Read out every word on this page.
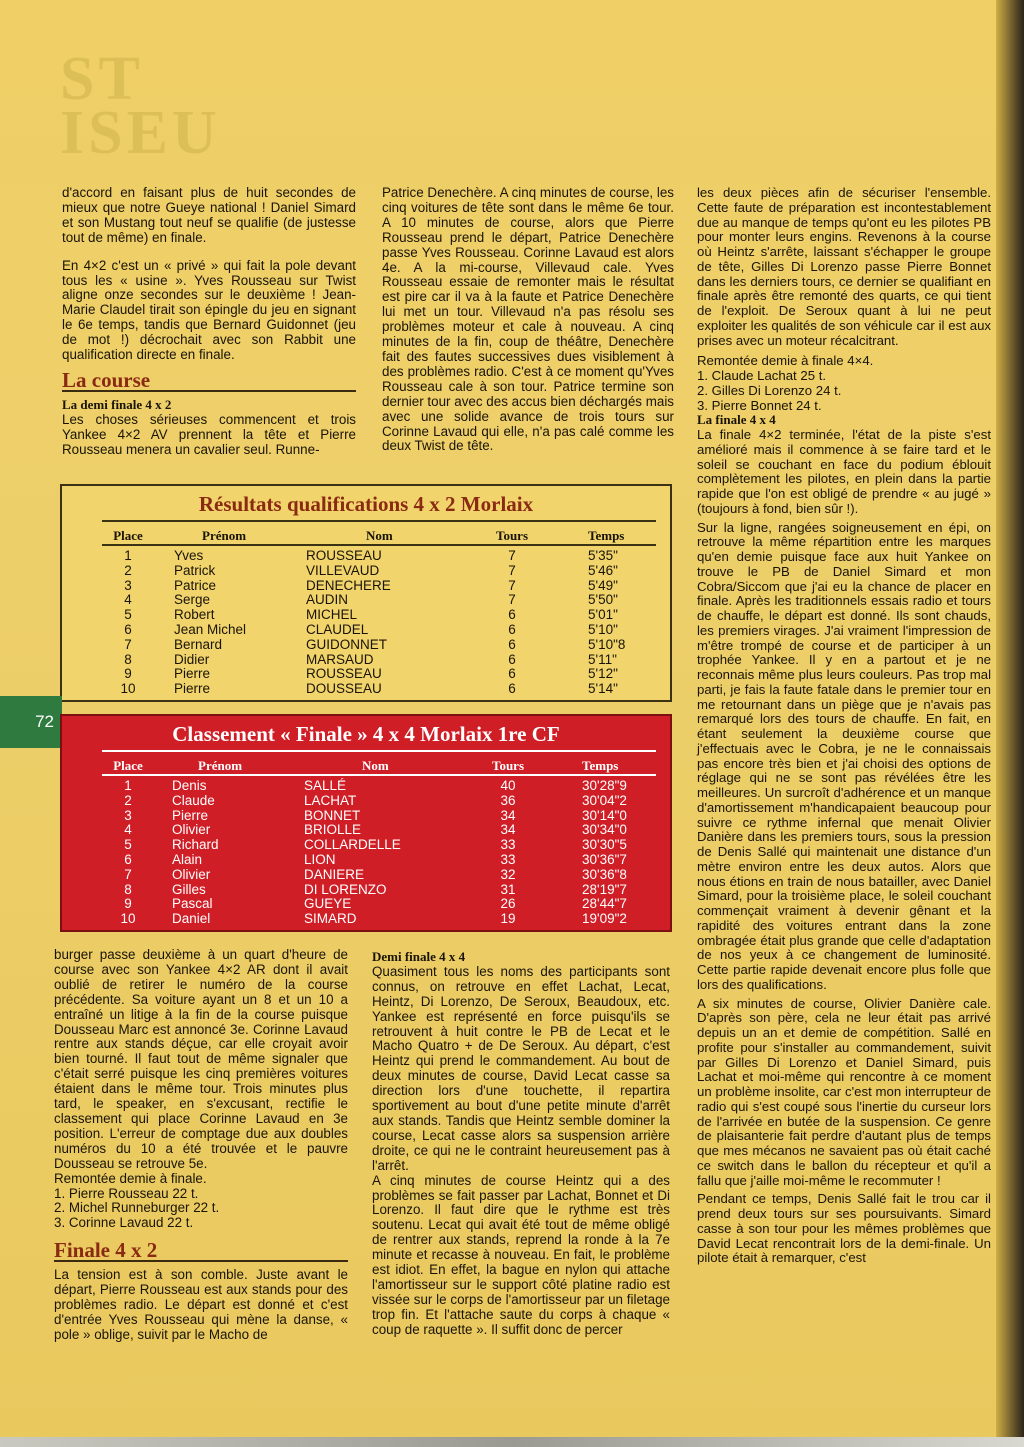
ST
ISEU

d'accord en faisant plus de huit secondes de mieux que notre Gueye national ! Daniel Simard et son Mustang tout neuf se qualifie (de justesse tout de même) en finale.

En 4×2 c'est un « privé » qui fait la pole devant tous les « usine ». Yves Rousseau sur Twist aligne onze secondes sur le deuxième ! Jean-Marie Claudel tirait son épingle du jeu en signant le 6e temps, tandis que Bernard Guidonnet (jeu de mot !) décrochait avec son Rabbit une qualification directe en finale.

La course
La demi finale 4 x 2

Les choses sérieuses commencent et trois Yankee 4×2 AV prennent la tête et Pierre Rousseau menera un cavalier seul. Runne-

Patrice Denechère. A cinq minutes de course, les cinq voitures de tête sont dans le même 6e tour. A 10 minutes de course, alors que Pierre Rousseau prend le départ, Patrice Denechère passe Yves Rousseau. Corinne Lavaud est alors 4e. A la mi-course, Villevaud cale. Yves Rousseau essaie de remonter mais le résultat est pire car il va à la faute et Patrice Denechère lui met un tour. Villevaud n'a pas résolu ses problèmes moteur et cale à nouveau. A cinq minutes de la fin, coup de théâtre, Denechère fait des fautes successives dues visiblement à des problèmes radio. C'est à ce moment qu'Yves Rousseau cale à son tour. Patrice termine son dernier tour avec des accus bien déchargés mais avec une solide avance de trois tours sur Corinne Lavaud qui elle, n'a pas calé comme les deux Twist de tête.

Résultats qualifications 4 x 2 Morlaix
Place	Prénom	Nom	Tours	Temps
1	Yves	ROUSSEAU	7	5'35"
2	Patrick	VILLEVAUD	7	5'46"
3	Patrice	DENECHERE	7	5'49"
4	Serge	AUDIN	7	5'50"
5	Robert	MICHEL	6	5'01"
6	Jean Michel	CLAUDEL	6	5'10"
7	Bernard	GUIDONNET	6	5'10"8
8	Didier	MARSAUD	6	5'11"
9	Pierre	ROUSSEAU	6	5'12"
10	Pierre	DOUSSEAU	6	5'14"
72
Classement « Finale » 4 x 4 Morlaix 1re CF
Place	Prénom	Nom	Tours	Temps
1	Denis	SALLÉ	40	30'28"9
2	Claude	LACHAT	36	30'04"2
3	Pierre	BONNET	34	30'14"0
4	Olivier	BRIOLLE	34	30'34"0
5	Richard	COLLARDELLE	33	30'30"5
6	Alain	LION	33	30'36"7
7	Olivier	DANIERE	32	30'36"8
8	Gilles	DI LORENZO	31	28'19"7
9	Pascal	GUEYE	26	28'44"7
10	Daniel	SIMARD	19	19'09"2

burger passe deuxième à un quart d'heure de course avec son Yankee 4×2 AR dont il avait oublié de retirer le numéro de la course précédente. Sa voiture ayant un 8 et un 10 a entraîné un litige à la fin de la course puisque Dousseau Marc est annoncé 3e. Corinne Lavaud rentre aux stands déçue, car elle croyait avoir bien tourné. Il faut tout de même signaler que c'était serré puisque les cinq premières voitures étaient dans le même tour. Trois minutes plus tard, le speaker, en s'excusant, rectifie le classement qui place Corinne Lavaud en 3e position. L'erreur de comptage due aux doubles numéros du 10 a été trouvée et le pauvre Dousseau se retrouve 5e.

Remontée demie à finale.

1. Pierre Rousseau 22 t.

2. Michel Runneburger 22 t.

3. Corinne Lavaud 22 t.

Finale 4 x 2

La tension est à son comble. Juste avant le départ, Pierre Rousseau est aux stands pour des problèmes radio. Le départ est donné et c'est d'entrée Yves Rousseau qui mène la danse, « pole » oblige, suivit par le Macho de

Demi finale 4 x 4

Quasiment tous les noms des participants sont connus, on retrouve en effet Lachat, Lecat, Heintz, Di Lorenzo, De Seroux, Beaudoux, etc. Yankee est représenté en force puisqu'ils se retrouvent à huit contre le PB de Lecat et le Macho Quatro + de De Seroux. Au départ, c'est Heintz qui prend le commandement. Au bout de deux minutes de course, David Lecat casse sa direction lors d'une touchette, il repartira sportivement au bout d'une petite minute d'arrêt aux stands. Tandis que Heintz semble dominer la course, Lecat casse alors sa suspension arrière droite, ce qui ne le contraint heureusement pas à l'arrêt.

A cinq minutes de course Heintz qui a des problèmes se fait passer par Lachat, Bonnet et Di Lorenzo. Il faut dire que le rythme est très soutenu. Lecat qui avait été tout de même obligé de rentrer aux stands, reprend la ronde à la 7e minute et recasse à nouveau. En fait, le problème est idiot. En effet, la bague en nylon qui attache l'amortisseur sur le support côté platine radio est vissée sur le corps de l'amortisseur par un filetage trop fin. Et l'attache saute du corps à chaque « coup de raquette ». Il suffit donc de percer

les deux pièces afin de sécuriser l'ensemble. Cette faute de préparation est incontestablement due au manque de temps qu'ont eu les pilotes PB pour monter leurs engins. Revenons à la course où Heintz s'arrête, laissant s'échapper le groupe de tête, Gilles Di Lorenzo passe Pierre Bonnet dans les derniers tours, ce dernier se qualifiant en finale après être remonté des quarts, ce qui tient de l'exploit. De Seroux quant à lui ne peut exploiter les qualités de son véhicule car il est aux prises avec un moteur récalcitrant.

Remontée demie à finale 4×4.

1. Claude Lachat 25 t.

2. Gilles Di Lorenzo 24 t.

3. Pierre Bonnet 24 t.

La finale 4 x 4

La finale 4×2 terminée, l'état de la piste s'est amélioré mais il commence à se faire tard et le soleil se couchant en face du podium éblouit complètement les pilotes, en plein dans la partie rapide que l'on est obligé de prendre « au jugé » (toujours à fond, bien sûr !).

Sur la ligne, rangées soigneusement en épi, on retrouve la même répartition entre les marques qu'en demie puisque face aux huit Yankee on trouve le PB de Daniel Simard et mon Cobra/Siccom que j'ai eu la chance de placer en finale. Après les traditionnels essais radio et tours de chauffe, le départ est donné. Ils sont chauds, les premiers virages. J'ai vraiment l'impression de m'être trompé de course et de participer à un trophée Yankee. Il y en a partout et je ne reconnais même plus leurs couleurs. Pas trop mal parti, je fais la faute fatale dans le premier tour en me retournant dans un piège que je n'avais pas remarqué lors des tours de chauffe. En fait, en étant seulement la deuxième course que j'effectuais avec le Cobra, je ne le connaissais pas encore très bien et j'ai choisi des options de réglage qui ne se sont pas révélées être les meilleures. Un surcroît d'adhérence et un manque d'amortissement m'handicapaient beaucoup pour suivre ce rythme infernal que menait Olivier Danière dans les premiers tours, sous la pression de Denis Sallé qui maintenait une distance d'un mètre environ entre les deux autos. Alors que nous étions en train de nous batailler, avec Daniel Simard, pour la troisième place, le soleil couchant commençait vraiment à devenir gênant et la rapidité des voitures entrant dans la zone ombragée était plus grande que celle d'adaptation de nos yeux à ce changement de luminosité. Cette partie rapide devenait encore plus folle que lors des qualifications.

A six minutes de course, Olivier Danière cale. D'après son père, cela ne leur était pas arrivé depuis un an et demie de compétition. Sallé en profite pour s'installer au commandement, suivit par Gilles Di Lorenzo et Daniel Simard, puis Lachat et moi-même qui rencontre à ce moment un problème insolite, car c'est mon interrupteur de radio qui s'est coupé sous l'inertie du curseur lors de l'arrivée en butée de la suspension. Ce genre de plaisanterie fait perdre d'autant plus de temps que mes mécanos ne savaient pas où était caché ce switch dans le ballon du récepteur et qu'il a fallu que j'aille moi-même le recommuter !

Pendant ce temps, Denis Sallé fait le trou car il prend deux tours sur ses poursuivants. Simard casse à son tour pour les mêmes problèmes que David Lecat rencontrait lors de la demi-finale. Un pilote était à remarquer, c'est
